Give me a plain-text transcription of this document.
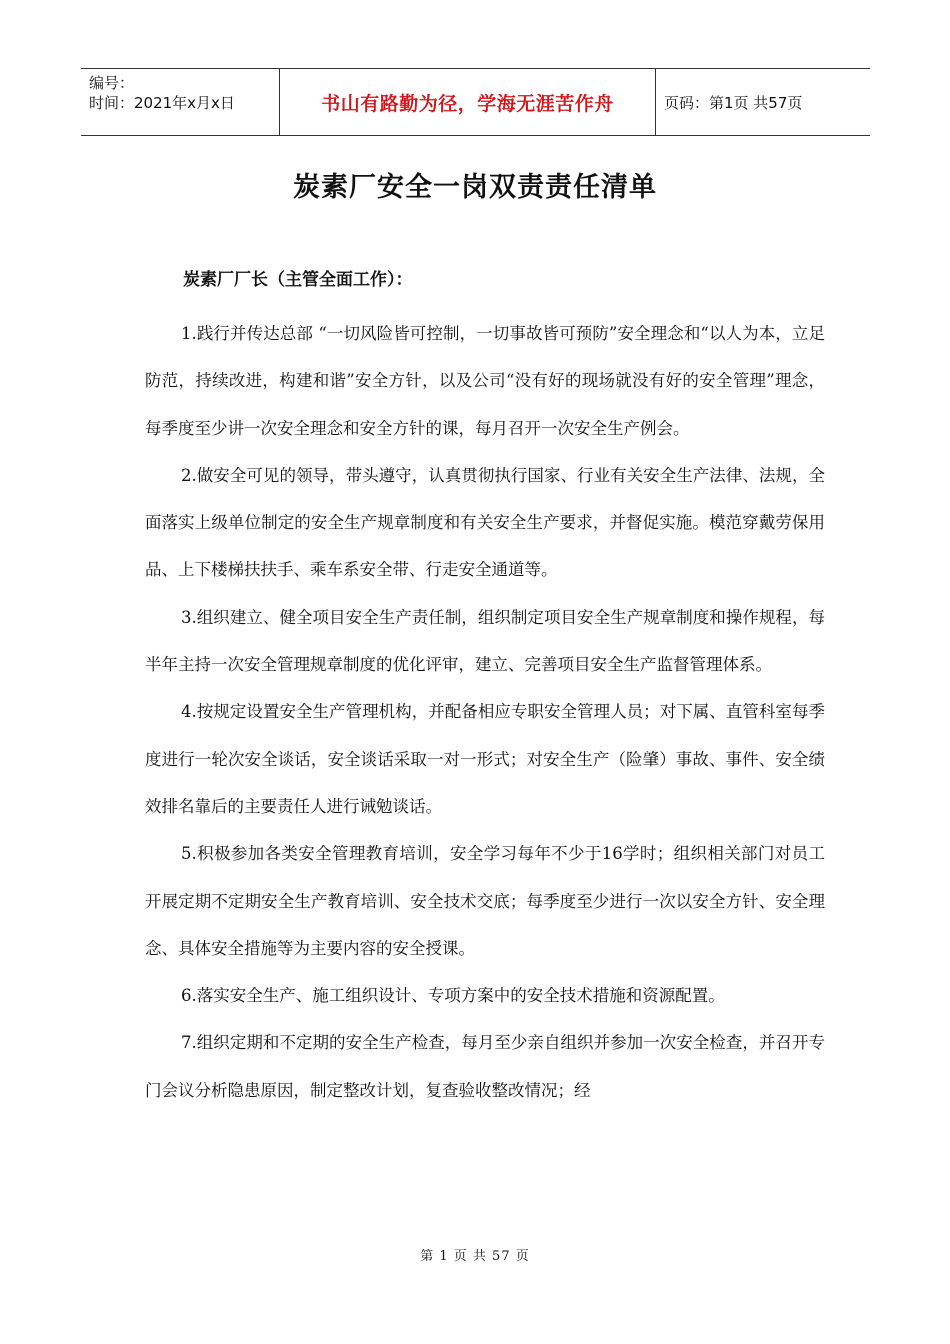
编号：
时间：2021年x月x日	书山有路勤为径，学海无涯苦作舟	页码：第1页 共57页
炭素厂安全一岗双责责任清单
炭素厂厂长（主管全面工作）：

1.践行并传达总部 “一切风险皆可控制，一切事故皆可预防”安全理念和“以人为本，立足防范，持续改进，构建和谐”安全方针，以及公司“没有好的现场就没有好的安全管理”理念，每季度至少讲一次安全理念和安全方针的课，每月召开一次安全生产例会。

2.做安全可见的领导，带头遵守，认真贯彻执行国家、行业有关安全生产法律、法规，全面落实上级单位制定的安全生产规章制度和有关安全生产要求，并督促实施。模范穿戴劳保用品、上下楼梯扶扶手、乘车系安全带、行走安全通道等。

3.组织建立、健全项目安全生产责任制，组织制定项目安全生产规章制度和操作规程，每半年主持一次安全管理规章制度的优化评审，建立、完善项目安全生产监督管理体系。

4.按规定设置安全生产管理机构，并配备相应专职安全管理人员；对下属、直管科室每季度进行一轮次安全谈话，安全谈话采取一对一形式；对安全生产（险肇）事故、事件、安全绩效排名靠后的主要责任人进行诫勉谈话。

5.积极参加各类安全管理教育培训，安全学习每年不少于16学时；组织相关部门对员工开展定期不定期安全生产教育培训、安全技术交底；每季度至少进行一次以安全方针、安全理念、具体安全措施等为主要内容的安全授课。

6.落实安全生产、施工组织设计、专项方案中的安全技术措施和资源配置。

7.组织定期和不定期的安全生产检查，每月至少亲自组织并参加一次安全检查，并召开专门会议分析隐患原因，制定整改计划，复查验收整改情况；经

第 1 页 共 57 页
